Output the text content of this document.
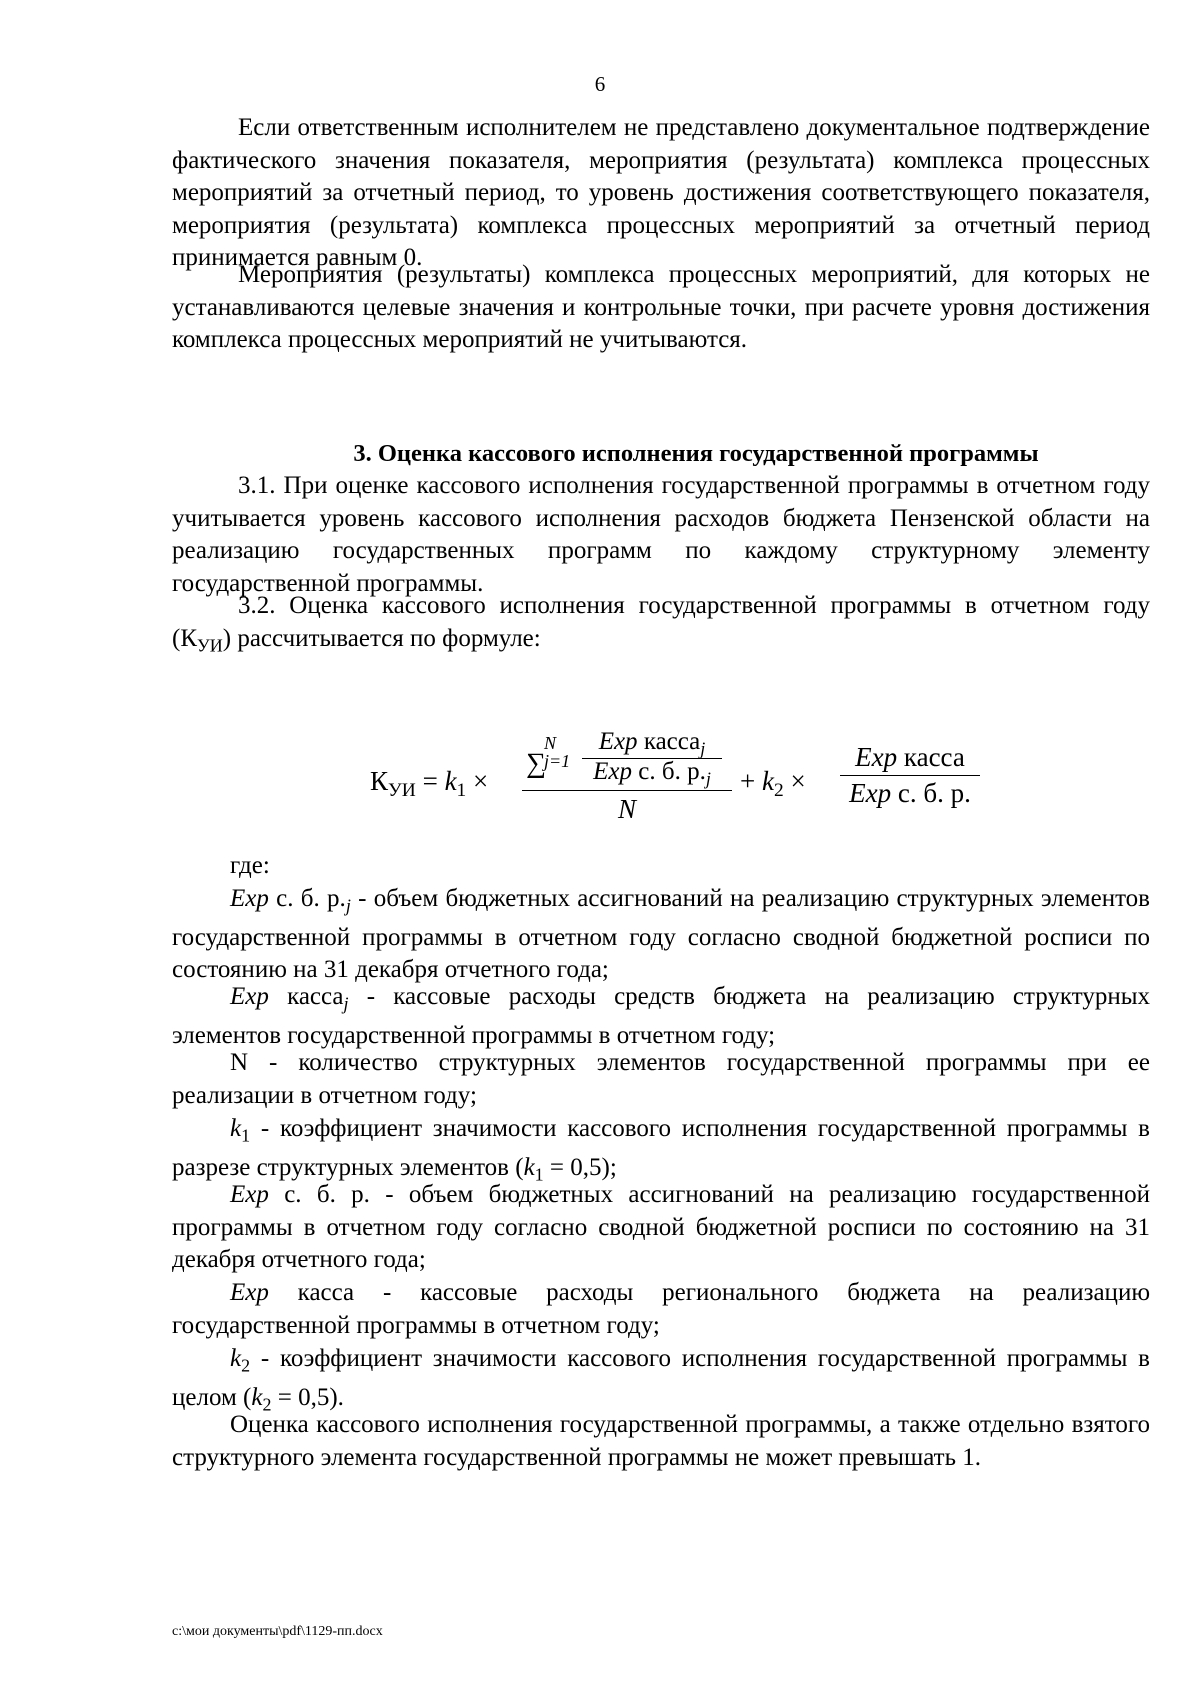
6

Если ответственным исполнителем не представлено документальное подтверждение фактического значения показателя, мероприятия (результата) комплекса процессных мероприятий за отчетный период, то уровень достижения соответствующего показателя, мероприятия (результата) комплекса процессных мероприятий за отчетный период принимается равным 0.

Мероприятия (результаты) комплекса процессных мероприятий, для которых не устанавливаются целевые значения и контрольные точки, при расчете уровня достижения комплекса процессных мероприятий не учитываются.

3. Оценка кассового исполнения государственной программы

3.1. При оценке кассового исполнения государственной программы в отчетном году учитывается уровень кассового исполнения расходов бюджета Пензенской области на реализацию государственных программ по каждому структурному элементу государственной программы.

3.2. Оценка кассового исполнения государственной программы в отчетном году $(К_{УИ})$ рассчитывается по формуле:

$К_{УИ} = k_1$ ×
∑
N
j=1
Exp касса$_j$
Exp с. б. $р._j$
N
+ $k_2$ ×
Exp касса
Exp с. б. р.

где:

Exp с. б. $р._j$ - объем бюджетных ассигнований на реализацию структурных элементов государственной программы в отчетном году согласно сводной бюджетной росписи по состоянию на 31 декабря отчетного года;

Exp касса$_j$ - кассовые расходы средств бюджета на реализацию структурных элементов государственной программы в отчетном году;

N - количество структурных элементов государственной программы при ее реализации в отчетном году;

$k_1$ - коэффициент значимости кассового исполнения государственной программы в разрезе структурных элементов $(k_1 = 0,5)$;

Exp с. б. р. - объем бюджетных ассигнований на реализацию государственной программы в отчетном году согласно сводной бюджетной росписи по состоянию на 31 декабря отчетного года;

Exp касса - кассовые расходы регионального бюджета на реализацию государственной программы в отчетном году;

$k_2$ - коэффициент значимости кассового исполнения государственной программы в целом $(k_2 = 0,5)$.

Оценка кассового исполнения государственной программы, а также отдельно взятого структурного элемента государственной программы не может превышать 1.

c:\мои документы\pdf\1129-пп.docx
